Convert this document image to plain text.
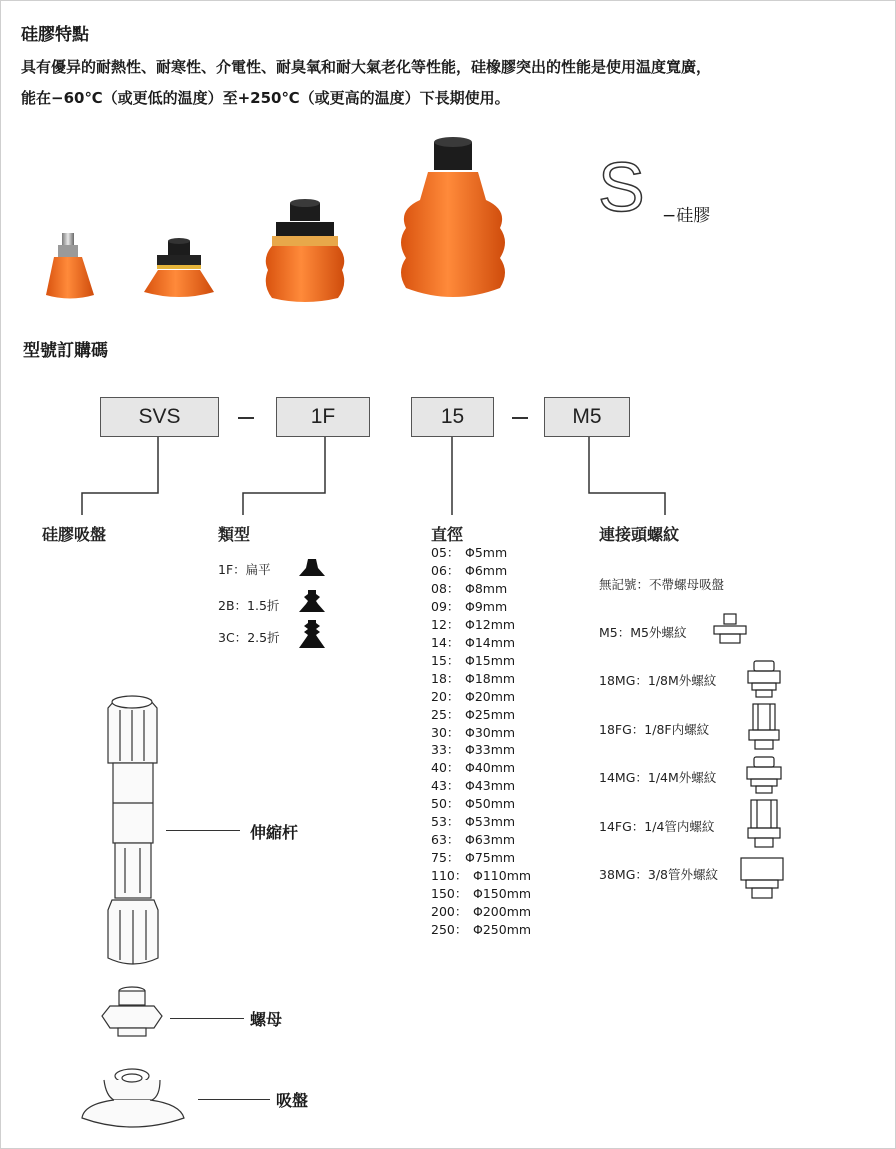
硅膠特點
具有優异的耐熱性、耐寒性、介電性、耐臭氧和耐大氣老化等性能，硅橡膠突出的性能是使用温度寬廣，
能在−60℃（或更低的温度）至+250℃（或更高的温度）下長期使用。
S −硅膠
型號訂購碼
SVS	1F	15	M5
硅膠吸盤	類型	直徑	連接頭螺紋
1F：扁平
2B：1.5折
3C：2.5折
05： Φ5mm
06： Φ6mm
08： Φ8mm
09： Φ9mm
12： Φ12mm
14： Φ14mm
15： Φ15mm
18： Φ18mm
20： Φ20mm
25： Φ25mm
30： Φ30mm
33： Φ33mm
40： Φ40mm
43： Φ43mm
50： Φ50mm
53： Φ53mm
63： Φ63mm
75： Φ75mm
110： Φ110mm
150： Φ150mm
200： Φ200mm
250： Φ250mm
無記號：不帶螺母吸盤
M5：M5外螺紋
18MG：1/8M外螺紋
18FG：1/8F内螺紋
14MG：1/4M外螺紋
14FG：1/4管内螺紋
38MG：3/8管外螺紋
伸縮杆
螺母
吸盤
